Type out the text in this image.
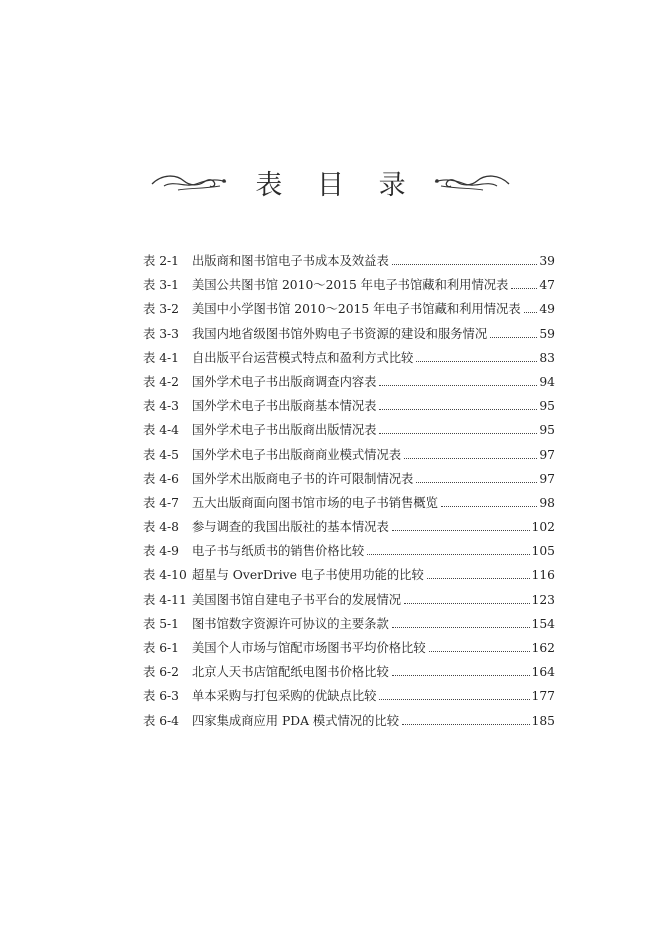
表 目 录
表 2-1	出版商和图书馆电子书成本及效益表	39
表 3-1	美国公共图书馆 2010～2015 年电子书馆藏和利用情况表	47
表 3-2	美国中小学图书馆 2010～2015 年电子书馆藏和利用情况表 49
表 3-3	我国内地省级图书馆外购电子书资源的建设和服务情况	59
表 4-1	自出版平台运营模式特点和盈利方式比较	83
表 4-2	国外学术电子书出版商调查内容表	94
表 4-3	国外学术电子书出版商基本情况表	95
表 4-4	国外学术电子书出版商出版情况表	95
表 4-5	国外学术电子书出版商商业模式情况表	97
表 4-6	国外学术出版商电子书的许可限制情况表	97
表 4-7	五大出版商面向图书馆市场的电子书销售概览	98
表 4-8	参与调查的我国出版社的基本情况表	102
表 4-9	电子书与纸质书的销售价格比较	105
表 4-10 超星与 OverDrive 电子书使用功能的比较	116
表 4-11 美国图书馆自建电子书平台的发展情况	123
表 5-1	图书馆数字资源许可协议的主要条款	154
表 6-1	美国个人市场与馆配市场图书平均价格比较	162
表 6-2	北京人天书店馆配纸电图书价格比较	164
表 6-3	单本采购与打包采购的优缺点比较	177
表 6-4	四家集成商应用 PDA 模式情况的比较	185
